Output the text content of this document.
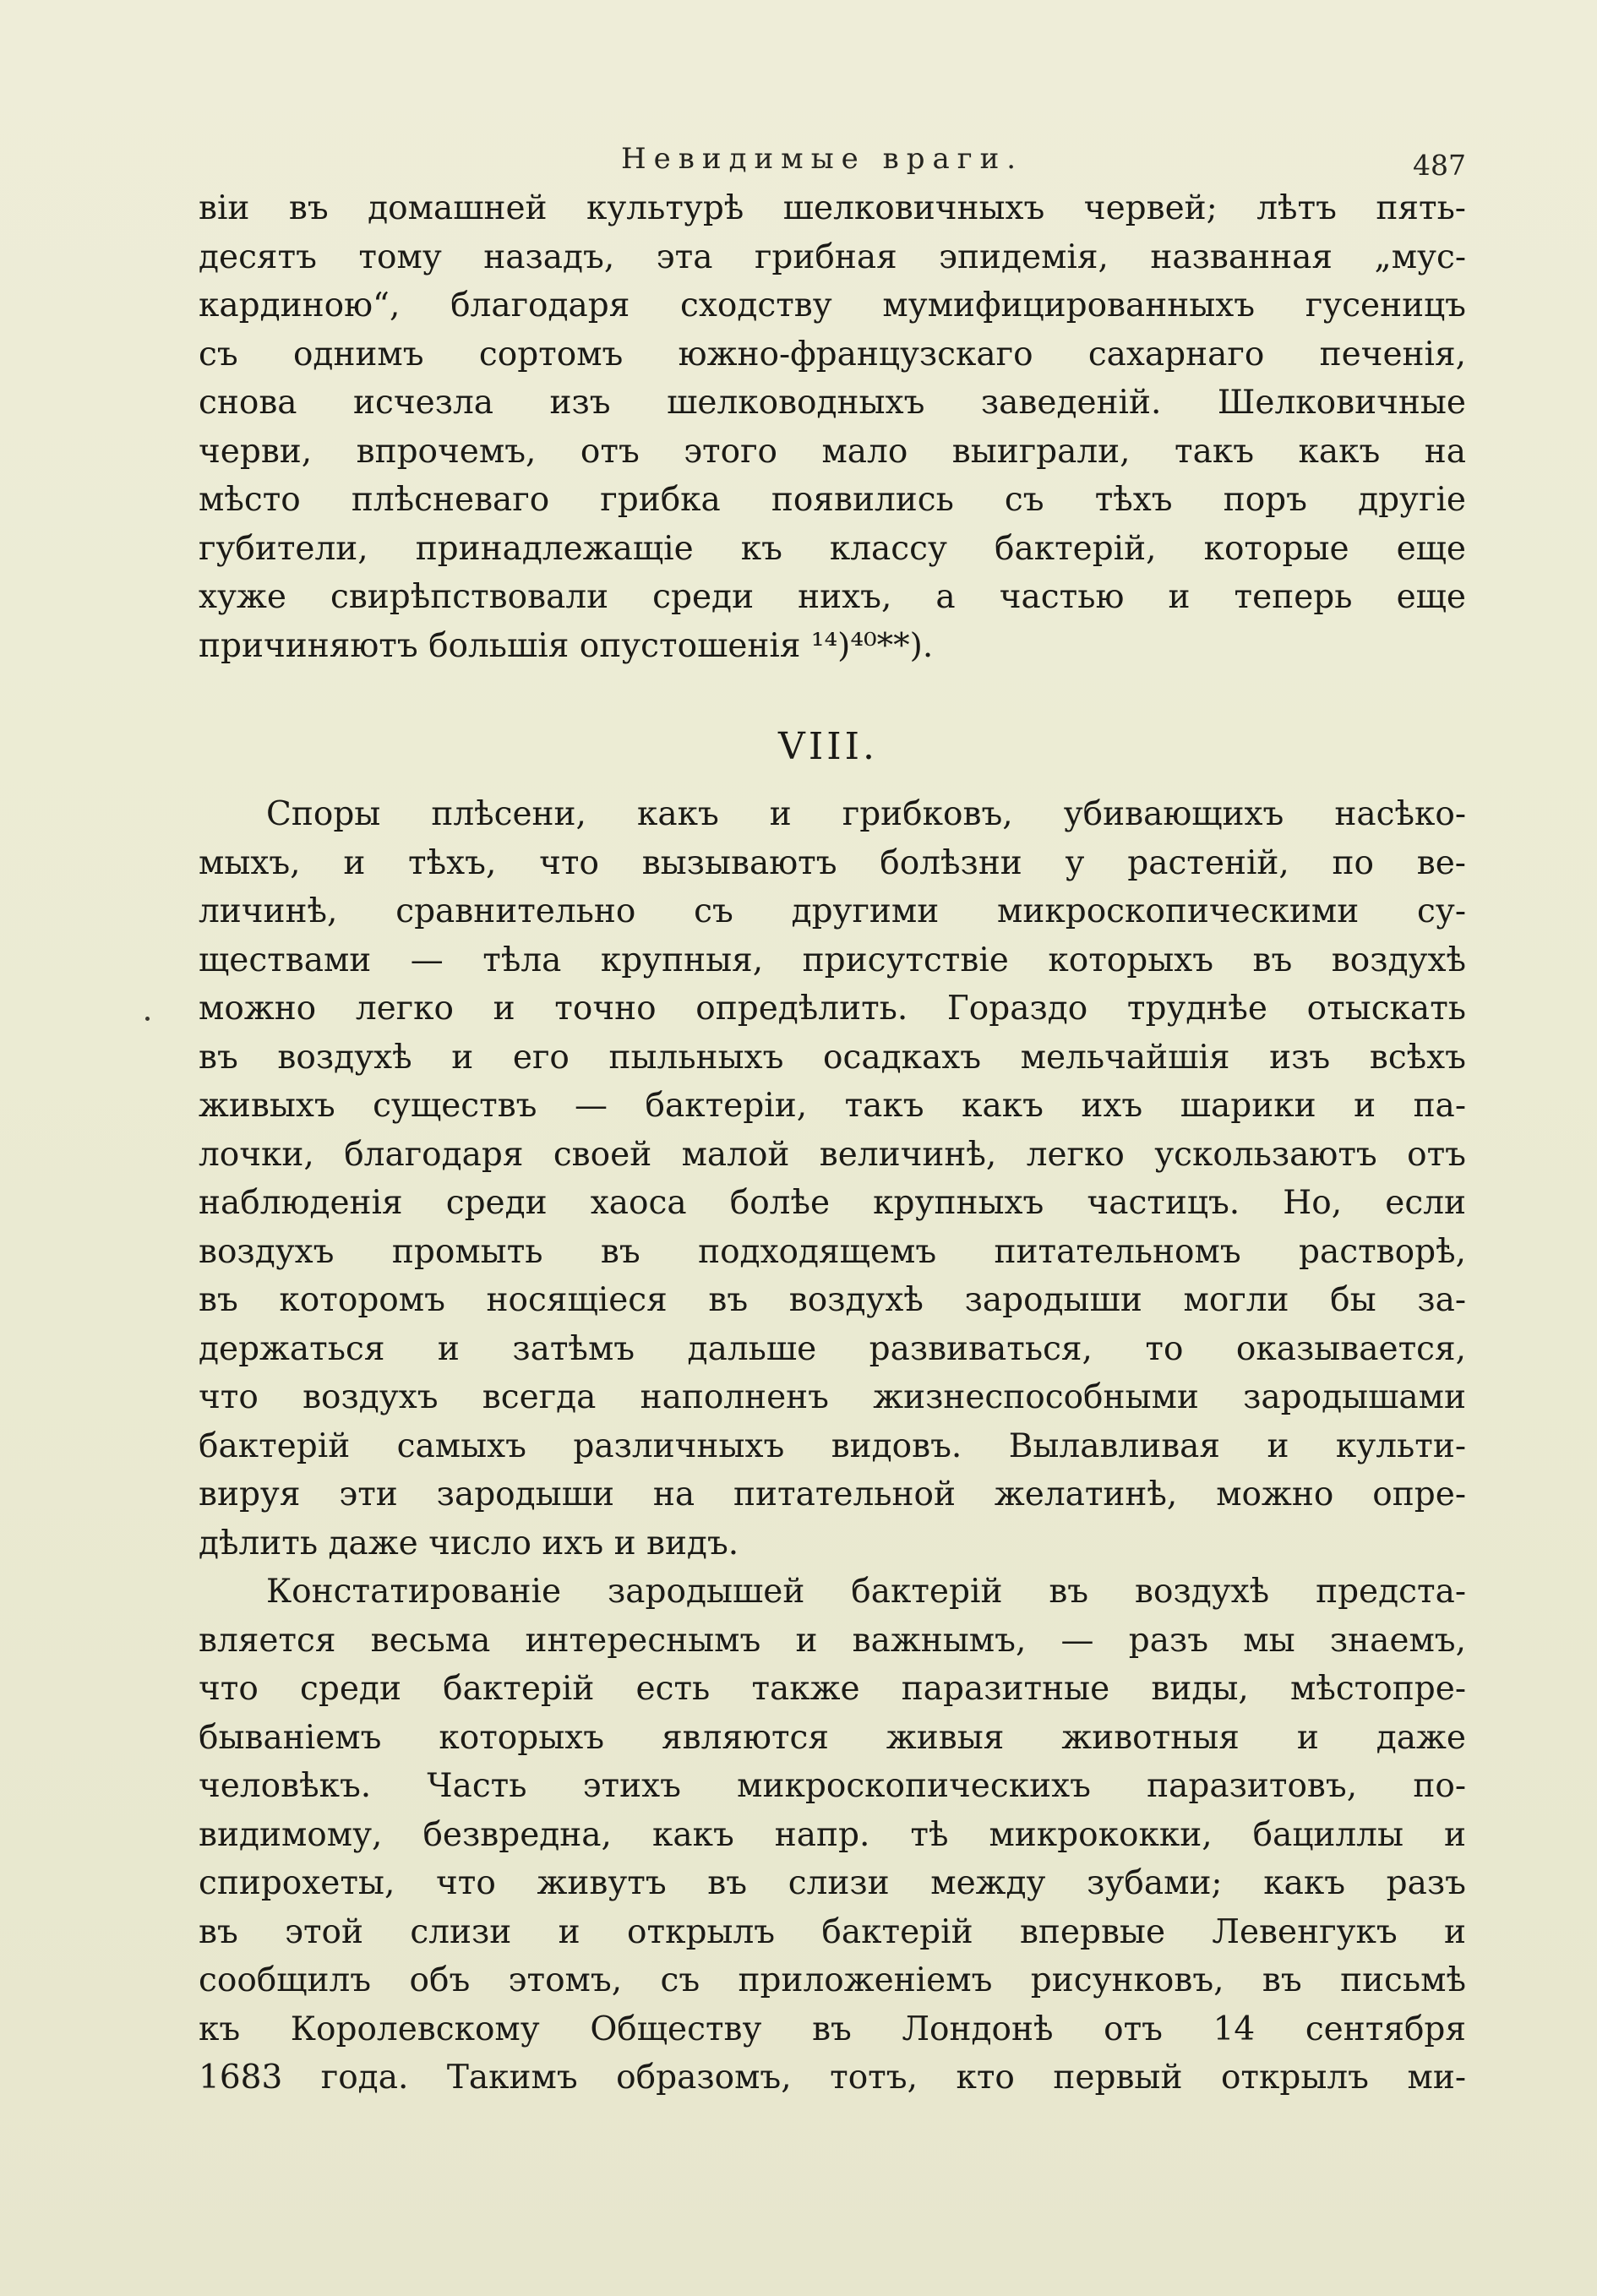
Невидимые враги.	487
віи въ домашней культурѣ шелковичныхъ червей; лѣтъ пять-
десятъ тому назадъ, эта грибная эпидемія, названная „мус-
кардиною“, благодаря сходству мумифицированныхъ гусеницъ
съ однимъ сортомъ южно-французскаго сахарнаго печенія,
снова исчезла изъ шелководныхъ заведеній. Шелковичные
черви, впрочемъ, отъ этого мало выиграли, такъ какъ на
мѣсто плѣсневаго грибка появились съ тѣхъ поръ другіе
губители, принадлежащіе къ классу бактерій, которые еще
хуже свирѣпствовали среди нихъ, а частью и теперь еще
причиняютъ большія опустошенія ¹⁴)⁴⁰**).
VIII.
Споры плѣсени, какъ и грибковъ, убивающихъ насѣко-
мыхъ, и тѣхъ, что вызываютъ болѣзни у растеній, по ве-
личинѣ, сравнительно съ другими микроскопическими су-
ществами — тѣла крупныя, присутствіе которыхъ въ воздухѣ
можно легко и точно опредѣлить. Гораздо труднѣе отыскать
въ воздухѣ и его пыльныхъ осадкахъ мельчайшія изъ всѣхъ
живыхъ существъ — бактеріи, такъ какъ ихъ шарики и па-
лочки, благодаря своей малой величинѣ, легко ускользаютъ отъ
наблюденія среди хаоса болѣе крупныхъ частицъ. Но, если
воздухъ промыть въ подходящемъ питательномъ растворѣ,
въ которомъ носящіеся въ воздухѣ зародыши могли бы за-
держаться и затѣмъ дальше развиваться, то оказывается,
что воздухъ всегда наполненъ жизнеспособными зародышами
бактерій самыхъ различныхъ видовъ. Вылавливая и культи-
вируя эти зародыши на питательной желатинѣ, можно опре-
дѣлить даже число ихъ и видъ.
Констатированіе зародышей бактерій въ воздухѣ предста-
вляется весьма интереснымъ и важнымъ, — разъ мы знаемъ,
что среди бактерій есть также паразитные виды, мѣстопре-
быванiемъ которыхъ являются живыя животныя и даже
человѣкъ. Часть этихъ микроскопическихъ паразитовъ, по-
видимому, безвредна, какъ напр. тѣ микрококки, бациллы и
спирохеты, что живутъ въ слизи между зубами; какъ разъ
въ этой слизи и открылъ бактерій впервые Левенгукъ и
сообщилъ объ этомъ, съ приложеніемъ рисунковъ, въ письмѣ
къ Королевскому Обществу въ Лондонѣ отъ 14 сентября
1683 года. Такимъ образомъ, тотъ, кто первый открылъ ми-
